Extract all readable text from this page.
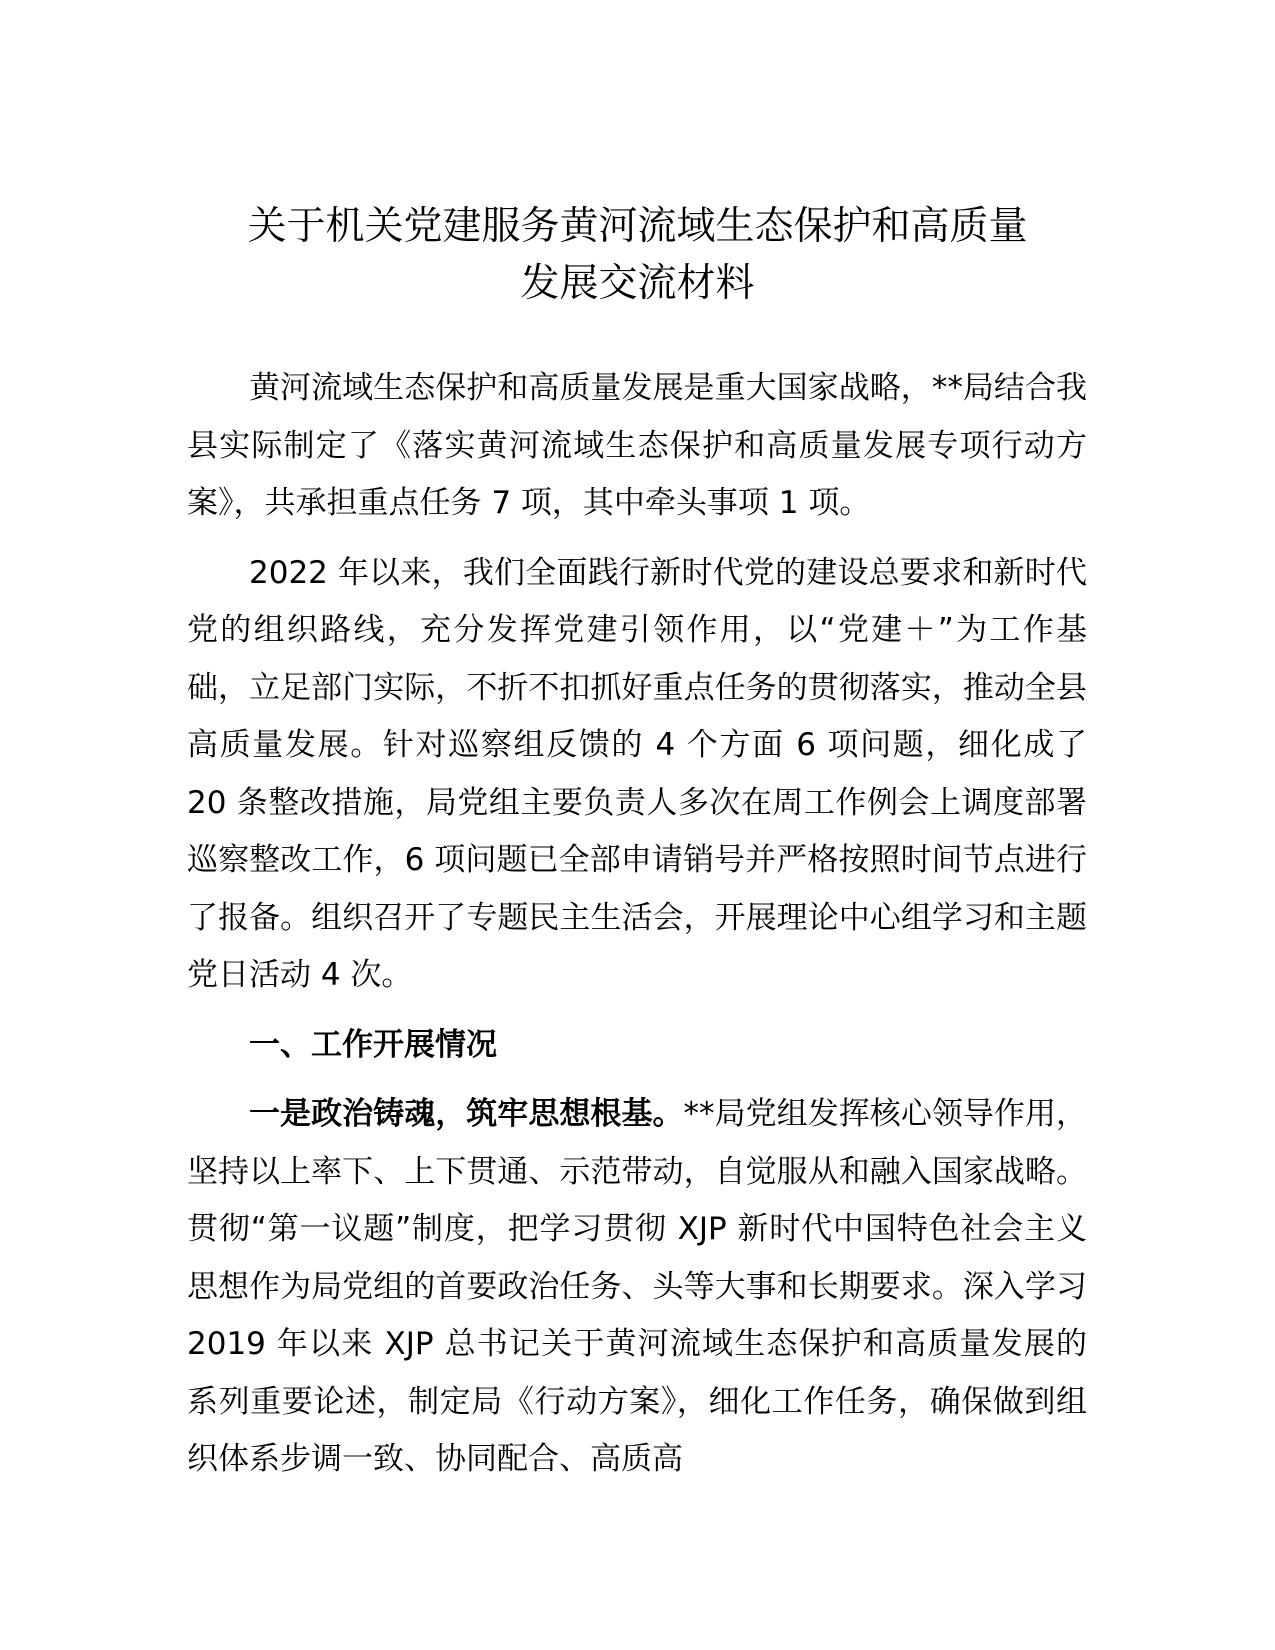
关于机关党建服务黄河流域生态保护和高质量
发展交流材料

黄河流域生态保护和高质量发展是重大国家战略，**局结合我县实际制定了《落实黄河流域生态保护和高质量发展专项行动方案》，共承担重点任务 7 项，其中牵头事项 1 项。

2022 年以来，我们全面践行新时代党的建设总要求和新时代党的组织路线，充分发挥党建引领作用，以“党建＋”为工作基础，立足部门实际，不折不扣抓好重点任务的贯彻落实，推动全县高质量发展。针对巡察组反馈的 4 个方面 6 项问题，细化成了 20 条整改措施，局党组主要负责人多次在周工作例会上调度部署巡察整改工作，6 项问题已全部申请销号并严格按照时间节点进行了报备。组织召开了专题民主生活会，开展理论中心组学习和主题党日活动 4 次。

一、工作开展情况

一是政治铸魂，筑牢思想根基。**局党组发挥核心领导作用，坚持以上率下、上下贯通、示范带动，自觉服从和融入国家战略。贯彻“第一议题”制度，把学习贯彻 XJP 新时代中国特色社会主义思想作为局党组的首要政治任务、头等大事和长期要求。深入学习 2019 年以来 XJP 总书记关于黄河流域生态保护和高质量发展的系列重要论述，制定局《行动方案》，细化工作任务，确保做到组织体系步调一致、协同配合、高质高
